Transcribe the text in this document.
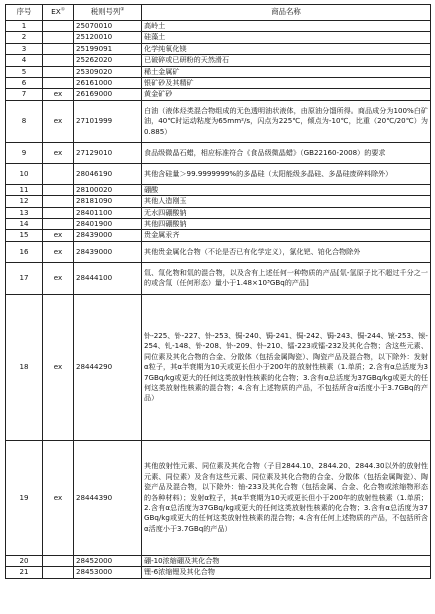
序号	EX①	税则号列②	商品名称
1		25070010	高岭土
2		25120010	硅藻土
3		25199091	化学纯氧化镁
4		25262020	已破碎或已研粉的天然滑石
5		25309020	稀土金属矿
6		26161000	银矿砂及其精矿
7	ex	26169000	黄金矿砂
8	ex	27101999	白油（液体烃类混合物组成的无色透明油状液体，由原油分馏所得。商品成分为100%白矿油，40℃时运动粘度为65mm²/s，闪点为225℃，倾点为-10℃，比重（20℃/20℃）为0.885）
9	ex	27129010	食品级微晶石蜡，相应标准符合《食品级微晶蜡》（GB22160-2008）的要求
10		28046190	其他含硅量＞99.9999999%的多晶硅（太阳能级多晶硅、多晶硅废碎料除外）
11		28100020	硼酸
12		28181090	其他人造刚玉
13		28401100	无水四硼酸钠
14		28401900	其他四硼酸钠
15	ex	28439000	贵金属汞齐
16	ex	28439000	其他贵金属化合物（不论是否已有化学定义），氯化钯、铂化合物除外
17	ex	28444100	氚、氚化物和氚的混合物，以及含有上述任何一种物质的产品[氚-氢原子比不超过千分之一的或含氚（任何形态）量小于1.48×10³GBq的产品]
18	ex	28444290	钋-225、钋-227、钋-253、锔-240、锔-241、锔-242、锔-243、锔-244、锿-253、锿-254、钆-148、钋-208、钋-209、钋-210、镭-223或镭-232及其化合物；含这些元素、同位素及其化合物的合金、分散体（包括金属陶瓷）、陶瓷产品及混合物，以下除外：发射α粒子，其α半衰期为10天或更长但小于200年的放射性核素（1.单质；2.含有α总活度为37GBq/kg或更大的任何这类放射性核素的化合物；3.含有α总活度为37GBq/kg或更大的任何这类放射性核素的混合物；4.含有上述物质的产品，不包括所含α活度小于3.7GBq的产品）
19	ex	28444390	其他放射性元素、同位素及其化合物（子目2844.10、2844.20、2844.30以外的放射性元素、同位素）及含有这些元素、同位素及其化合物的合金、分散体（包括金属陶瓷）、陶瓷产品及混合物，以下除外：铀-233及其化合物（包括金属、合金、化合物或浓缩物形态的各种材料）；发射α粒子，其α半衰期为10天或更长但小于200年的放射性核素（1.单质；2.含有α总活度为37GBq/kg或更大的任何这类放射性核素的化合物；3.含有α总活度为37GBq/kg或更大的任何这类放射性核素的混合物；4.含有任何上述物质的产品，不包括所含α活度小于3.7GBq的产品）
20		28452000	硼-10浓缩硼及其化合物
21		28453000	锂-6浓缩锂及其化合物
